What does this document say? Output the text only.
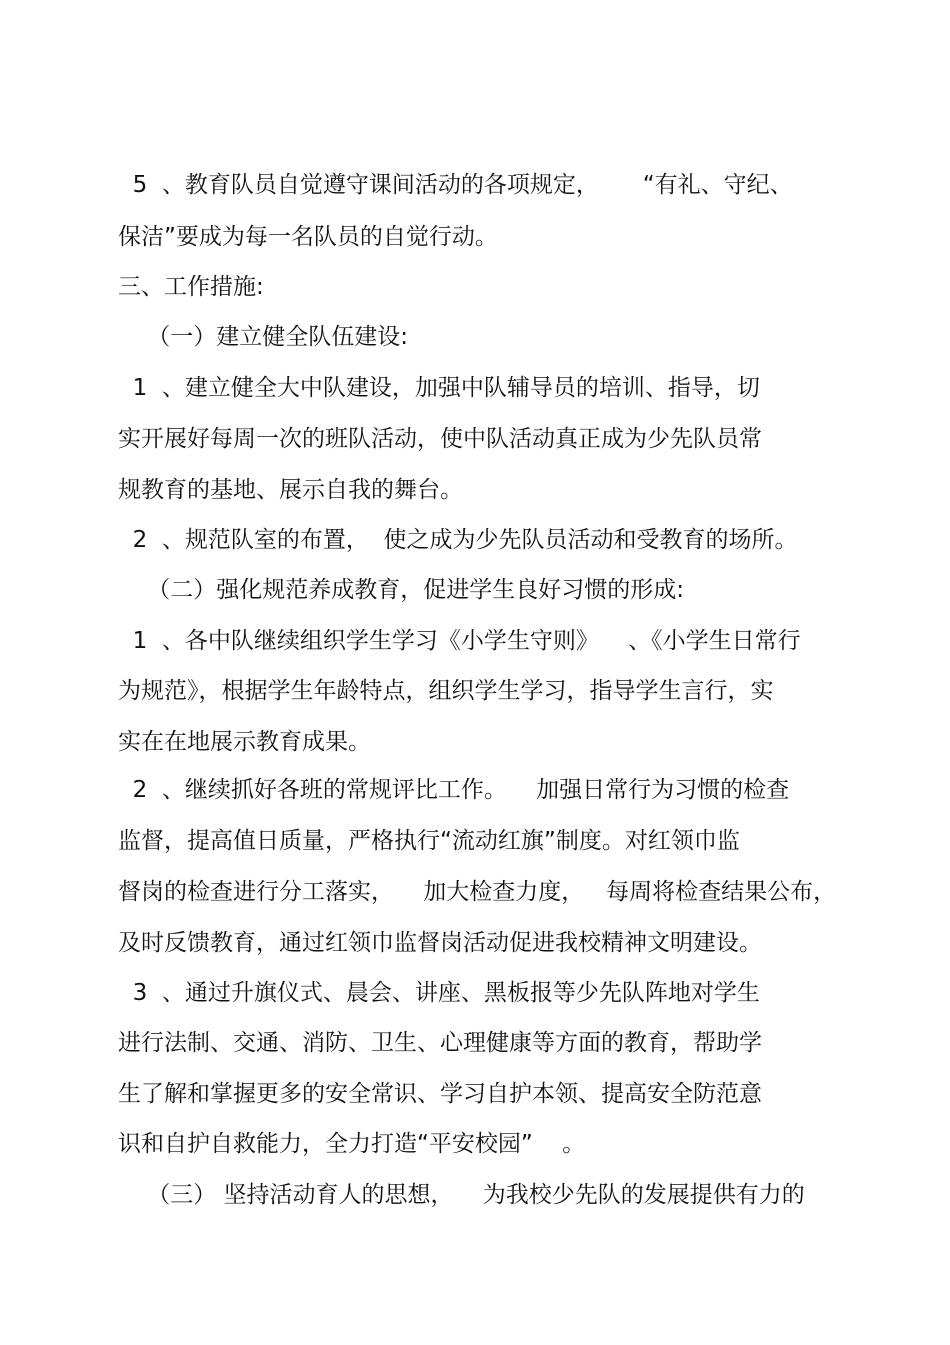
5  、教育队员自觉遵守课间活动的各项规定，      “有礼、守纪、
保洁”要成为每一名队员的自觉行动。
三、工作措施:
（一）建立健全队伍建设:
1  、建立健全大中队建设，加强中队辅导员的培训、指导，切
实开展好每周一次的班队活动，使中队活动真正成为少先队员常
规教育的基地、展示自我的舞台。
2  、规范队室的布置，  使之成为少先队员活动和受教育的场所。
（二）强化规范养成教育，促进学生良好习惯的形成:
1  、各中队继续组织学生学习《小学生守则》    、《小学生日常行
为规范》，根据学生年龄特点，组织学生学习，指导学生言行，实
实在在地展示教育成果。
2  、继续抓好各班的常规评比工作。    加强日常行为习惯的检查
监督，提高值日质量，严格执行“流动红旗”制度。对红领巾监
督岗的检查进行分工落实，    加大检查力度，   每周将检查结果公布，
及时反馈教育，通过红领巾监督岗活动促进我校精神文明建设。
3  、通过升旗仪式、晨会、讲座、黑板报等少先队阵地对学生
进行法制、交通、消防、卫生、心理健康等方面的教育，帮助学
生了解和掌握更多的安全常识、学习自护本领、提高安全防范意
识和自护自救能力，全力打造“平安校园”    。
（三） 坚持活动育人的思想，    为我校少先队的发展提供有力的
